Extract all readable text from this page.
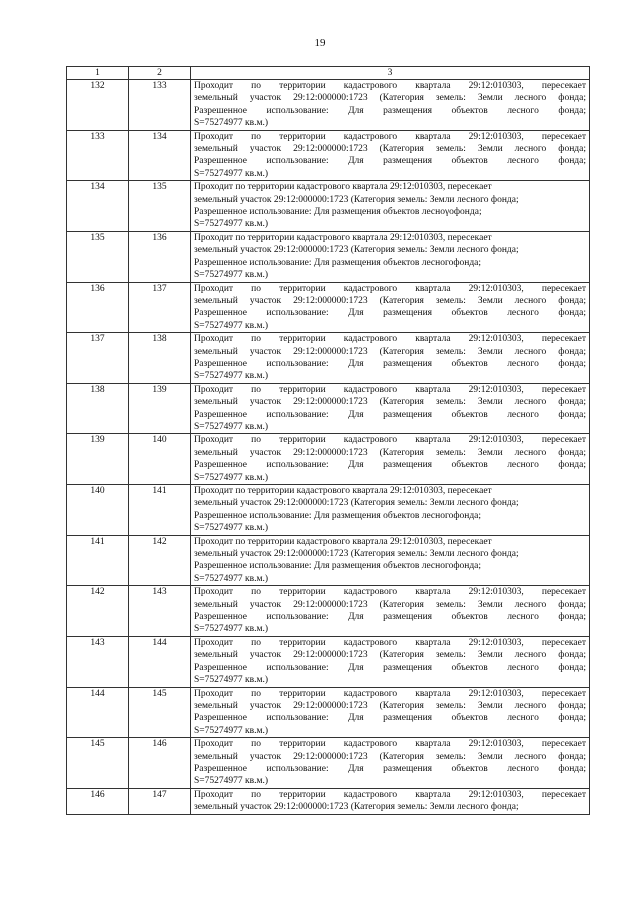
19
1	2	3
132	133	Проходит по территории кадастрового квартала 29:12:010303, пересекает
земельный участок 29:12:000000:1723 (Категория земель: Земли лесного фонда;
Разрешенное использование: Для размещения объектов лесного фонда;
S=75274977 кв.м.)

133	134	Проходит по территории кадастрового квартала 29:12:010303, пересекает
земельный участок 29:12:000000:1723 (Категория земель: Земли лесного фонда;
Разрешенное использование: Для размещения объектов лесного фонда;
S=75274977 кв.м.)

134	135	Проходит по территории кадастрового квартала 29:12:010303, пересекает
земельный участок 29:12:000000:1723 (Категория земель: Земли лесного фонда;
Разрешенное использование: Для размещения объектов леснογофонда;
S=75274977 кв.м.)

135	136	Проходит по территории кадастрового квартала 29:12:010303, пересекает
земельный участок 29:12:000000:1723 (Категория земель: Земли лесного фонда;
Разрешенное использование: Для размещения объектов лесногофонда;
S=75274977 кв.м.)

136	137	Проходит по территории кадастрового квартала 29:12:010303, пересекает
земельный участок 29:12:000000:1723 (Категория земель: Земли лесного фонда;
Разрешенное использование: Для размещения объектов лесного фонда;
S=75274977 кв.м.)

137	138	Проходит по территории кадастрового квартала 29:12:010303, пересекает
земельный участок 29:12:000000:1723 (Категория земель: Земли лесного фонда;
Разрешенное использование: Для размещения объектов лесного фонда;
S=75274977 кв.м.)

138	139	Проходит по территории кадастрового квартала 29:12:010303, пересекает
земельный участок 29:12:000000:1723 (Категория земель: Земли лесного фонда;
Разрешенное использование: Для размещения объектов лесного фонда;
S=75274977 кв.м.)

139	140	Проходит по территории кадастрового квартала 29:12:010303, пересекает
земельный участок 29:12:000000:1723 (Категория земель: Земли лесного фонда;
Разрешенное использование: Для размещения объектов лесного фонда;
S=75274977 кв.м.)

140	141	Проходит по территории кадастрового квартала 29:12:010303, пересекает
земельный участок 29:12:000000:1723 (Категория земель: Земли лесного фонда;
Разрешенное использование: Для размещения объектов лесногофонда;
S=75274977 кв.м.)

141	142	Проходит по территории кадастрового квартала 29:12:010303, пересекает
земельный участок 29:12:000000:1723 (Категория земель: Земли лесного фонда;
Разрешенное использование: Для размещения объектов лесногофонда;
S=75274977 кв.м.)

142	143	Проходит по территории кадастрового квартала 29:12:010303, пересекает
земельный участок 29:12:000000:1723 (Категория земель: Земли лесного фонда;
Разрешенное использование: Для размещения объектов лесного фонда;
S=75274977 кв.м.)

143	144	Проходит по территории кадастрового квартала 29:12:010303, пересекает
земельный участок 29:12:000000:1723 (Категория земель: Земли лесного фонда;
Разрешенное использование: Для размещения объектов лесного фонда;
S=75274977 кв.м.)

144	145	Проходит по территории кадастрового квартала 29:12:010303, пересекает
земельный участок 29:12:000000:1723 (Категория земель: Земли лесного фонда;
Разрешенное использование: Для размещения объектов лесного фонда;
S=75274977 кв.м.)

145	146	Проходит по территории кадастрового квартала 29:12:010303, пересекает
земельный участок 29:12:000000:1723 (Категория земель: Земли лесного фонда;
Разрешенное использование: Для размещения объектов лесного фонда;
S=75274977 кв.м.)

146	147	Проходит по территории кадастрового квартала 29:12:010303, пересекает
земельный участок 29:12:000000:1723 (Категория земель: Земли лесного фонда;
